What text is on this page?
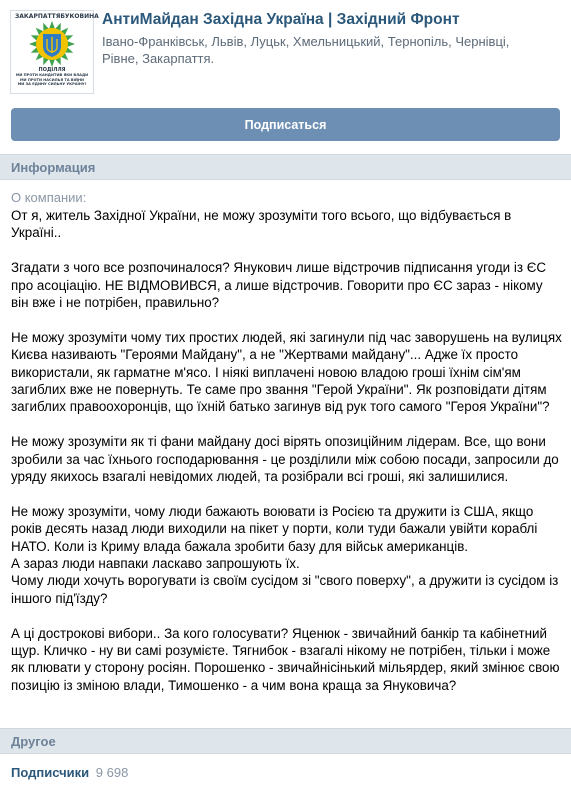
ЗАКАРПАТТЯ БУКОВИНА
ПОДІЛЛЯ
МИ ПРОТИ КАНДИТИВ ЯКИ ВЛАДИ
МИ ПРОТИ НАСИЛЬЯ ТА ВІЙНИ
МИ ЗА ЄДИНУ СИЛЬНУ УКРАЇНУ!
АнтиМайдан Західна Україна | Західний Фронт
Івано-Франківськ, Львів, Луцьк, Хмельницький, Тернопіль, Чернівці, Рівне, Закарпаття.
Подписаться
Информация
О компании:

От я, житель Західної України, не можу зрозуміти того всього, що відбувається в Україні..

Згадати з чого все розпочиналося? Янукович лише відстрочив підписання угоди із ЄС про асоціацію. НЕ ВІДМОВИВСЯ, а лише відстрочив. Говорити про ЄС зараз - нікому він вже і не потрібен, правильно?

Не можу зрозуміти чому тих простих людей, які загинули під час заворушень на вулицях Києва називають "Героями Майдану", а не "Жертвами майдану"... Адже їх просто використали, як гарматне м'ясо. І ніякі виплачені новою владою гроші їхнім сім'ям загиблих вже не повернуть. Те саме про звання "Герой України". Як розповідати дітям загиблих правоохоронців, що їхній батько загинув від рук того самого "Героя України"?

Не можу зрозуміти як ті фани майдану досі вірять опозиційним лідерам. Все, що вони зробили за час їхнього господарювання - це розділили між собою посади, запросили до уряду якихось взагалі невідомих людей, та розібрали всі гроші, які залишилися.

Не можу зрозуміти, чому люди бажають воювати із Росією та дружити із США, якщо років десять назад люди виходили на пікет у порти, коли туди бажали увійти кораблі НАТО. Коли із Криму влада бажала зробити базу для військ американців.
А зараз люди навпаки ласкаво запрошують їх.
Чому люди хочуть ворогувати із своїм сусідом зі "свого поверху", а дружити із сусідом із іншого під'їзду?

А ці дострокові вибори.. За кого голосувати? Яценюк - звичайний банкір та кабінетний щур. Кличко - ну ви самі розумієте. Тягнибок - взагалі нікому не потрібен, тільки і може як плювати у сторону росіян. Порошенко - звичайнісінький мільярдер, який змінює свою позицію із зміною влади, Тимошенко - а чим вона краща за Януковича?

Другое
Подписчики 9 698
